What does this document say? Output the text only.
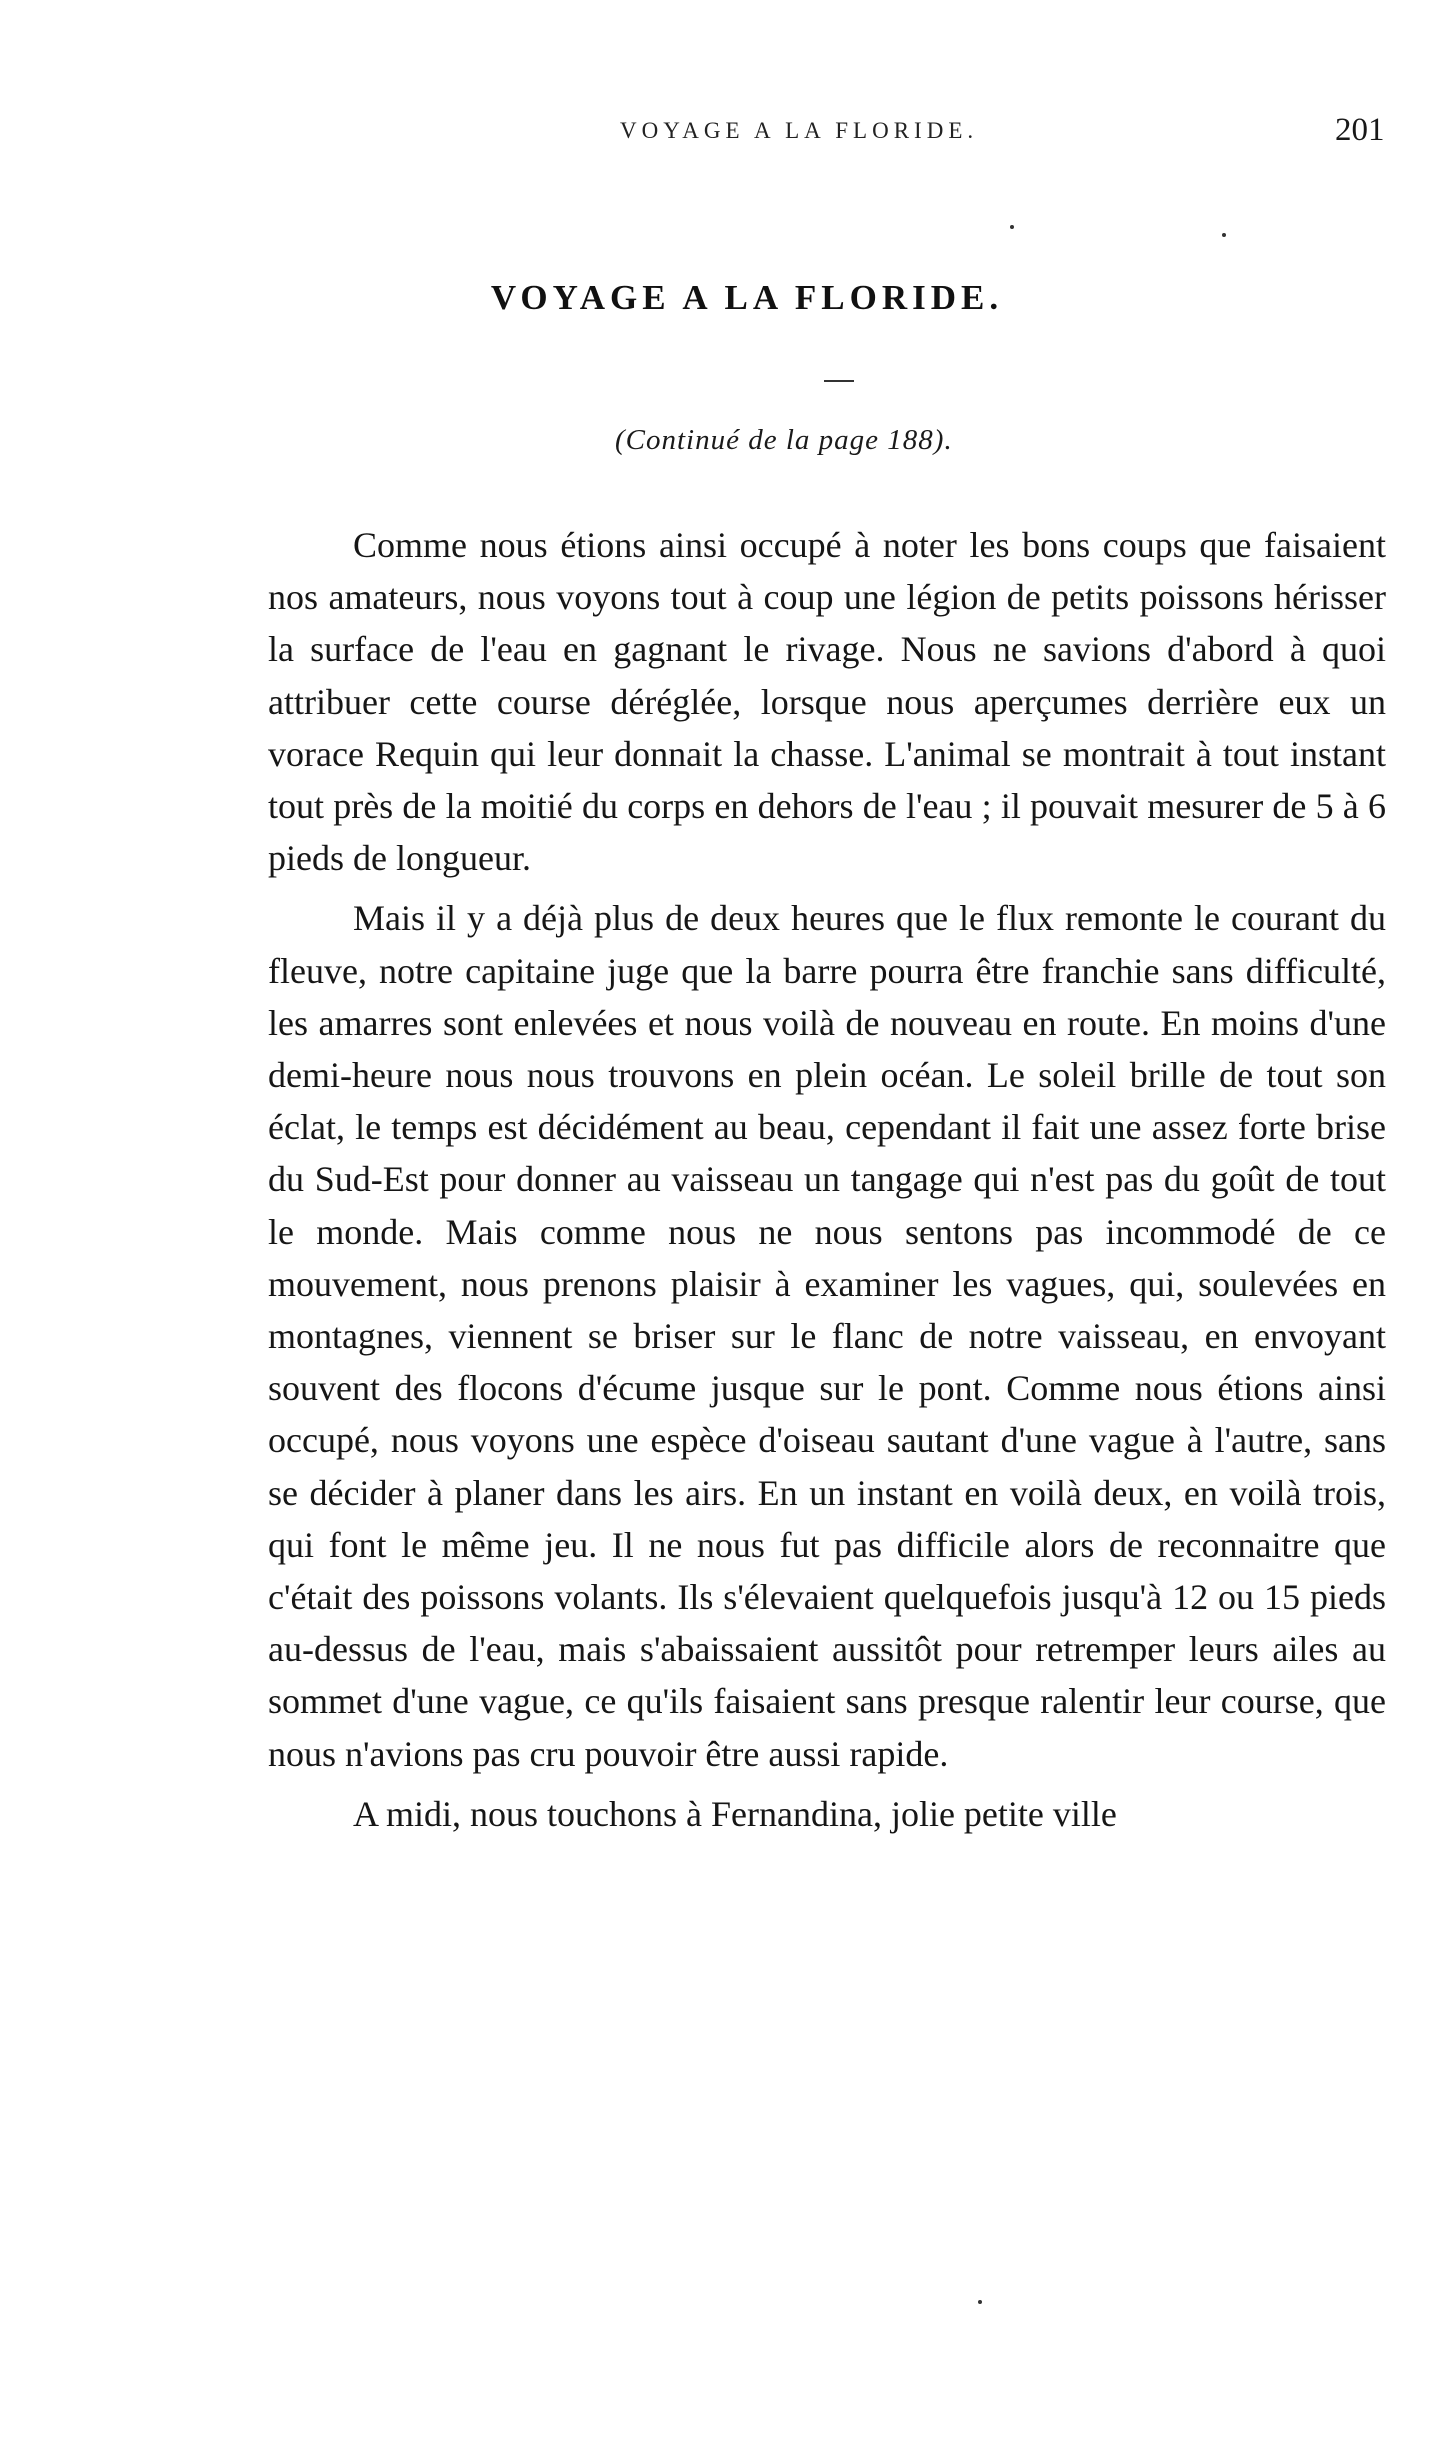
VOYAGE A LA FLORIDE.	201
VOYAGE A LA FLORIDE.
(Continué de la page 188).

Comme nous étions ainsi occupé à noter les bons coups que faisaient nos amateurs, nous voyons tout à coup une légion de petits poissons hérisser la surface de l'eau en gagnant le rivage. Nous ne savions d'abord à quoi attribuer cette course déréglée, lorsque nous aperçumes derrière eux un vorace Requin qui leur donnait la chasse. L'animal se montrait à tout instant tout près de la moitié du corps en dehors de l'eau ; il pouvait mesurer de 5 à 6 pieds de longueur.

Mais il y a déjà plus de deux heures que le flux remonte le courant du fleuve, notre capitaine juge que la barre pourra être franchie sans difficulté, les amarres sont enlevées et nous voilà de nouveau en route. En moins d'une demi-heure nous nous trouvons en plein océan. Le soleil brille de tout son éclat, le temps est décidément au beau, cependant il fait une assez forte brise du Sud-Est pour donner au vaisseau un tangage qui n'est pas du goût de tout le monde. Mais comme nous ne nous sentons pas incommodé de ce mouvement, nous prenons plaisir à examiner les vagues, qui, soulevées en montagnes, viennent se briser sur le flanc de notre vaisseau, en envoyant souvent des flocons d'écume jusque sur le pont. Comme nous étions ainsi occupé, nous voyons une espèce d'oiseau sautant d'une vague à l'autre, sans se décider à planer dans les airs. En un instant en voilà deux, en voilà trois, qui font le même jeu. Il ne nous fut pas difficile alors de reconnaitre que c'était des poissons volants. Ils s'élevaient quelquefois jusqu'à 12 ou 15 pieds au-dessus de l'eau, mais s'abaissaient aussitôt pour retremper leurs ailes au sommet d'une vague, ce qu'ils faisaient sans presque ralentir leur course, que nous n'avions pas cru pouvoir être aussi rapide.

A midi, nous touchons à Fernandina, jolie petite ville
